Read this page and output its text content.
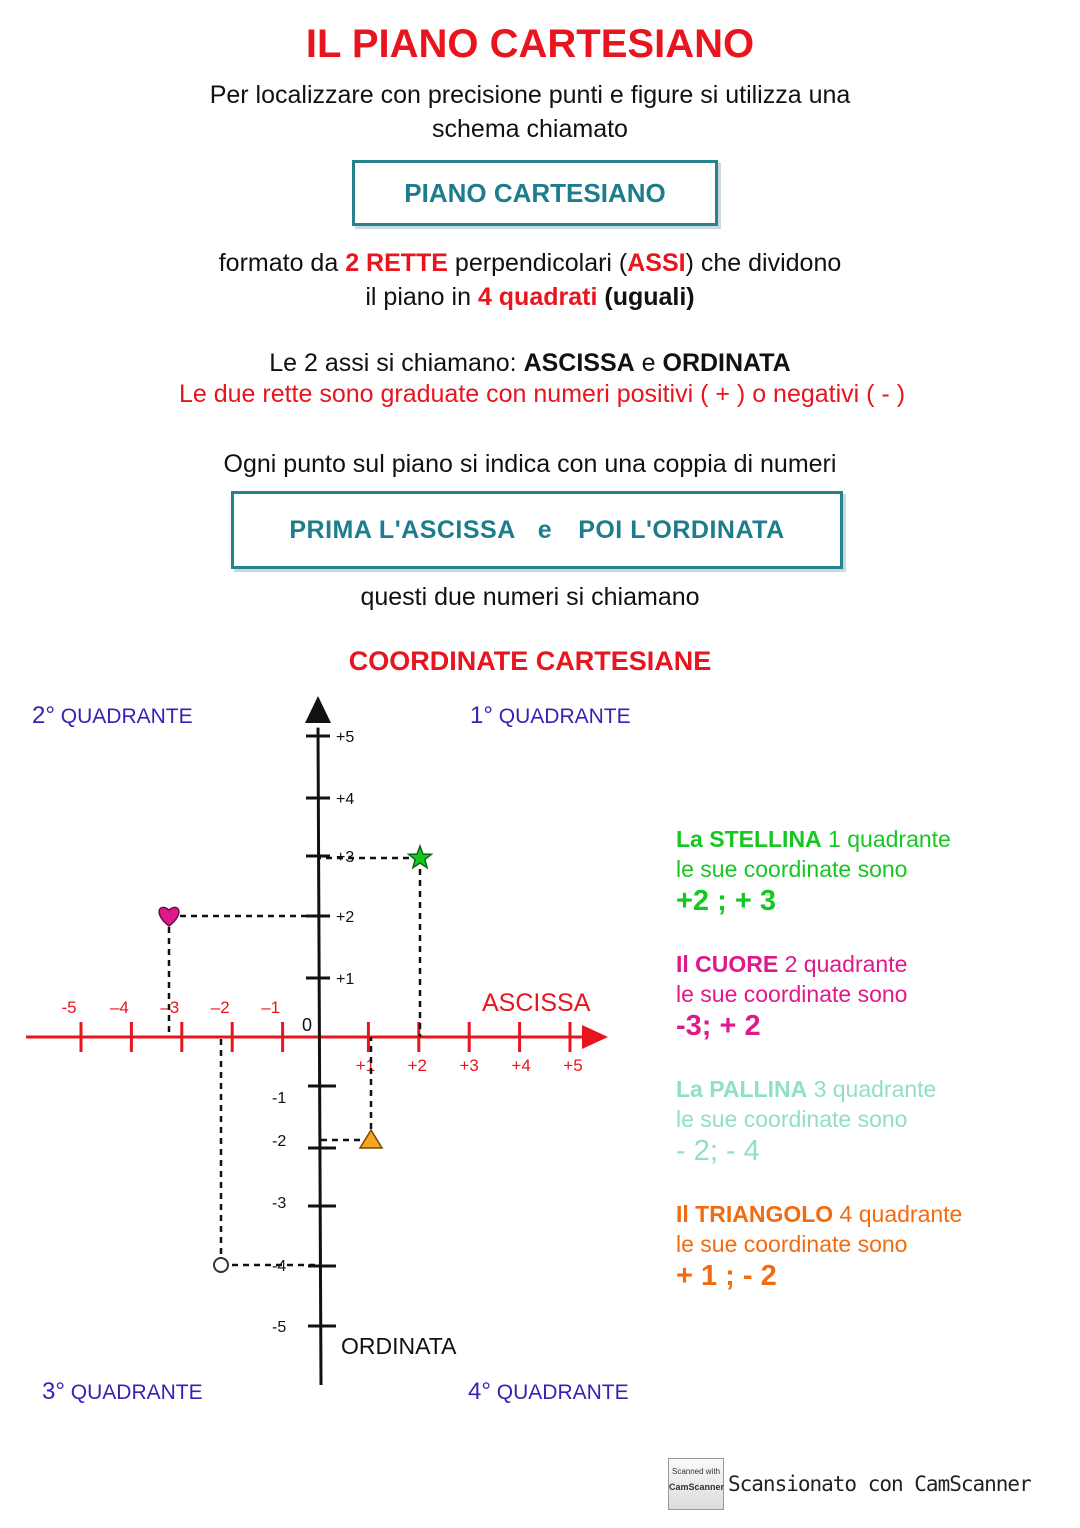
IL PIANO CARTESIANO
Per localizzare con precisione punti e figure si utilizza una
schema chiamato
PIANO CARTESIANO
formato da 2 RETTE perpendicolari (ASSI) che dividono
il piano in 4 quadrati (uguali)
Le 2 assi si chiamano: ASCISSA e ORDINATA
Le due rette sono graduate con numeri positivi ( + ) o negativi ( - )
Ogni punto sul piano si indica con una coppia di numeri
PRIMA L'ASCISSA e POI L'ORDINATA
questi due numeri si chiamano
COORDINATE CARTESIANE
2° QUADRANTE	1° QUADRANTE
3° QUADRANTE	4° QUADRANTE
-5 –4 –3 –2 –1
+1 +2 +3 +4 +5
0
ASCISSA
+1
+2
+3
+4
+5
-1
-2
-3
-4
-5
ORDINATA
La STELLINA 1 quadrante
le sue coordinate sono
+2 ; + 3
Il CUORE 2 quadrante
le sue coordinate sono
-3; + 2
La PALLINA 3 quadrante
le sue coordinate sono
- 2; - 4
Il TRIANGOLO 4 quadrante
le sue coordinate sono
+ 1 ; - 2
Scanned with
CamScanner Scansionato con CamScanner
